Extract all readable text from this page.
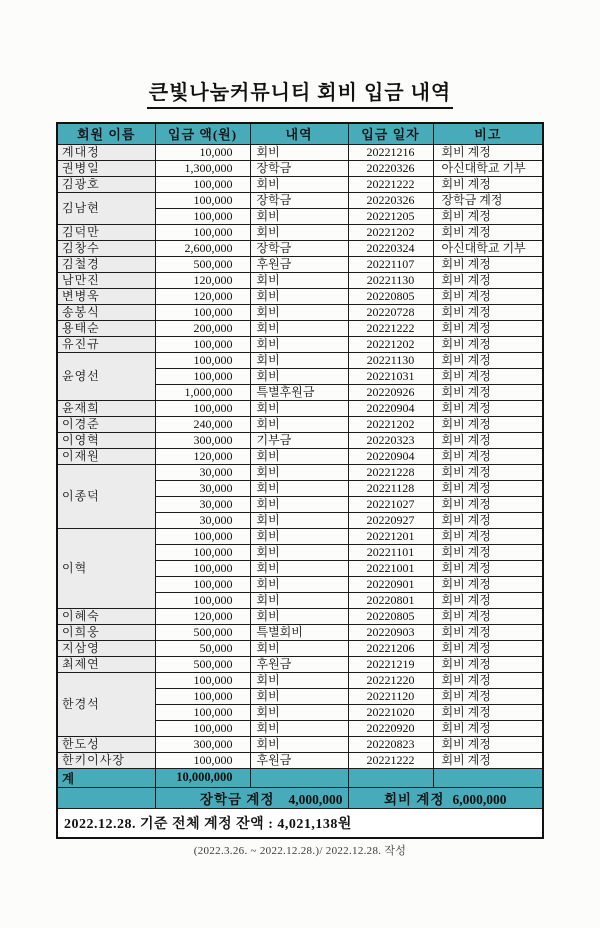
큰빛나눔커뮤니티 회비 입금 내역
회원 이름	입금 액(원)	내역	입금 일자	비고
계대정	10,000	회비	20221216	회비 계정
권병일	1,300,000	장학금	20220326	아신대학교 기부
김광호	100,000	회비	20221222	회비 계정
김남현	100,000	장학금	20220326	장학금 계정
	100,000	회비	20221205	회비 계정
김덕만	100,000	회비	20221202	회비 계정
김창수	2,600,000	장학금	20220324	아신대학교 기부
김철경	500,000	후원금	20221107	회비 계정
남만진	120,000	회비	20221130	회비 계정
변병욱	120,000	회비	20220805	회비 계정
송봉식	100,000	회비	20220728	회비 계정
용태순	200,000	회비	20221222	회비 계정
유진규	100,000	회비	20221202	회비 계정
윤영선	100,000	회비	20221130	회비 계정
	100,000	회비	20221031	회비 계정
	1,000,000	특별후원금	20220926	회비 계정
윤재희	100,000	회비	20220904	회비 계정
이경준	240,000	회비	20221202	회비 계정
이영혁	300,000	기부금	20220323	회비 계정
이재원	120,000	회비	20220904	회비 계정
이종덕	30,000	회비	20221228	회비 계정
	30,000	회비	20221128	회비 계정
	30,000	회비	20221027	회비 계정
	30,000	회비	20220927	회비 계정
이혁	100,000	회비	20221201	회비 계정
	100,000	회비	20221101	회비 계정
	100,000	회비	20221001	회비 계정
	100,000	회비	20220901	회비 계정
	100,000	회비	20220801	회비 계정
이혜숙	120,000	회비	20220805	회비 계정
이희웅	500,000	특별회비	20220903	회비 계정
지삼영	50,000	회비	20221206	회비 계정
최제연	500,000	후원금	20221219	회비 계정
한경석	100,000	회비	20221220	회비 계정
	100,000	회비	20221120	회비 계정
	100,000	회비	20221020	회비 계정
	100,000	회비	20220920	회비 계정
한도성	300,000	회비	20220823	회비 계정
한키이사장	100,000	후원금	20221222	회비 계정
계	10,000,000			
	장학금 계정 4,000,000		회비 계정 6,000,000	
2022.12.28. 기준 전체 계정 잔액 : 4,021,138원				
(2022.3.26. ~ 2022.12.28.)/ 2022.12.28. 작성
